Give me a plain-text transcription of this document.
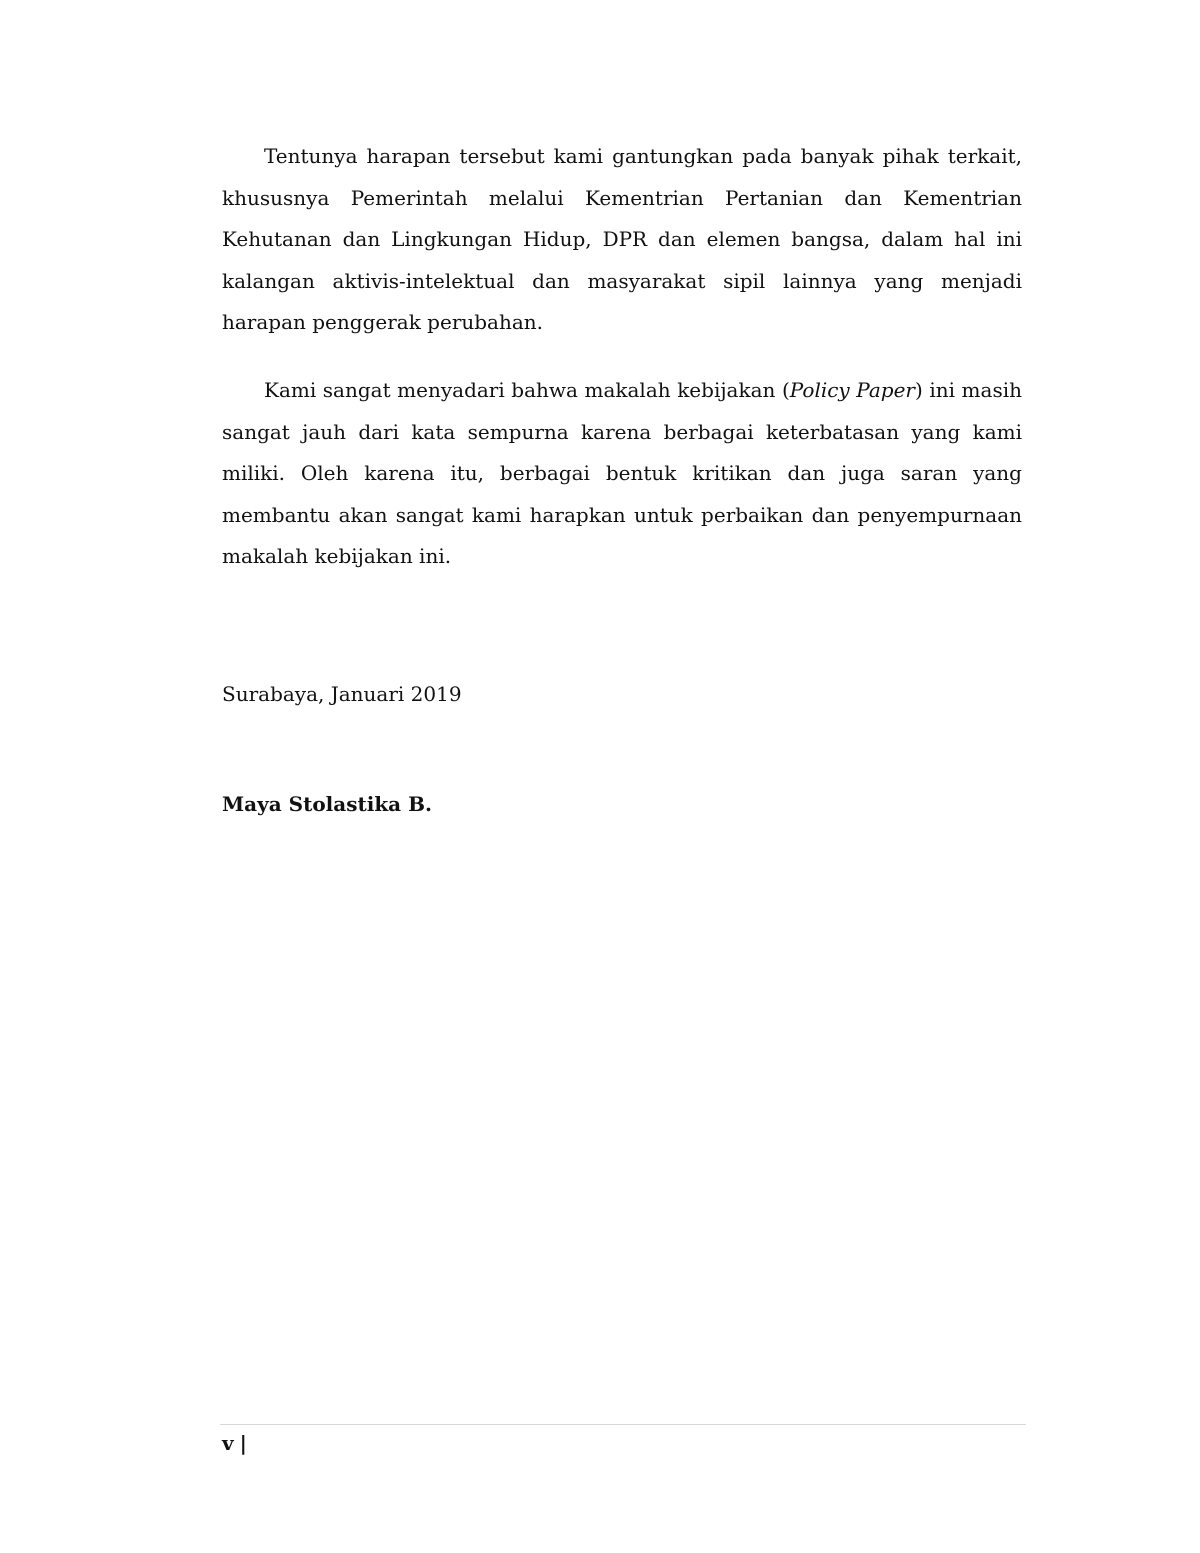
Tentunya harapan tersebut kami gantungkan pada banyak pihak terkait, khususnya Pemerintah melalui Kementrian Pertanian dan Kementrian Kehutanan dan Lingkungan Hidup, DPR dan elemen bangsa, dalam hal ini kalangan aktivis-intelektual dan masyarakat sipil lainnya yang menjadi harapan penggerak perubahan.

Kami sangat menyadari bahwa makalah kebijakan (Policy Paper) ini masih sangat jauh dari kata sempurna karena berbagai keterbatasan yang kami miliki. Oleh karena itu, berbagai bentuk kritikan dan juga saran yang membantu akan sangat kami harapkan untuk perbaikan dan penyempurnaan makalah kebijakan ini.

Surabaya, Januari 2019

Maya Stolastika B.

v |
